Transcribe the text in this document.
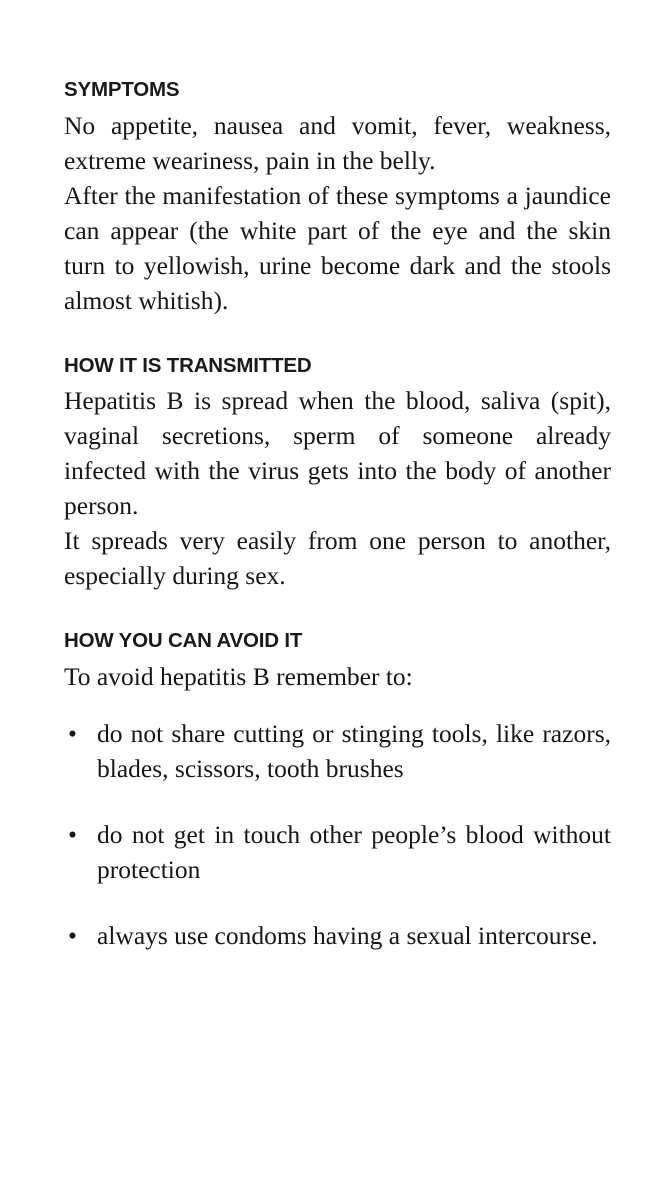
SYMPTOMS

No appetite, nausea and vomit, fever, weakness, extreme weariness, pain in the belly.

After the manifestation of these symptoms a jaundice can appear (the white part of the eye and the skin turn to yellowish, urine become dark and the stools almost whitish).

HOW IT IS TRANSMITTED

Hepatitis B is spread when the blood, saliva (spit), vaginal secretions, sperm of someone already infected with the virus gets into the body of another person.

It spreads very easily from one person to another, especially during sex.

HOW YOU CAN AVOID IT

To avoid hepatitis B remember to:

• do not share cutting or stinging tools, like razors, blades, scissors, tooth brushes
• do not get in touch other people’s blood without protection
• always use condoms having a sexual intercourse.
